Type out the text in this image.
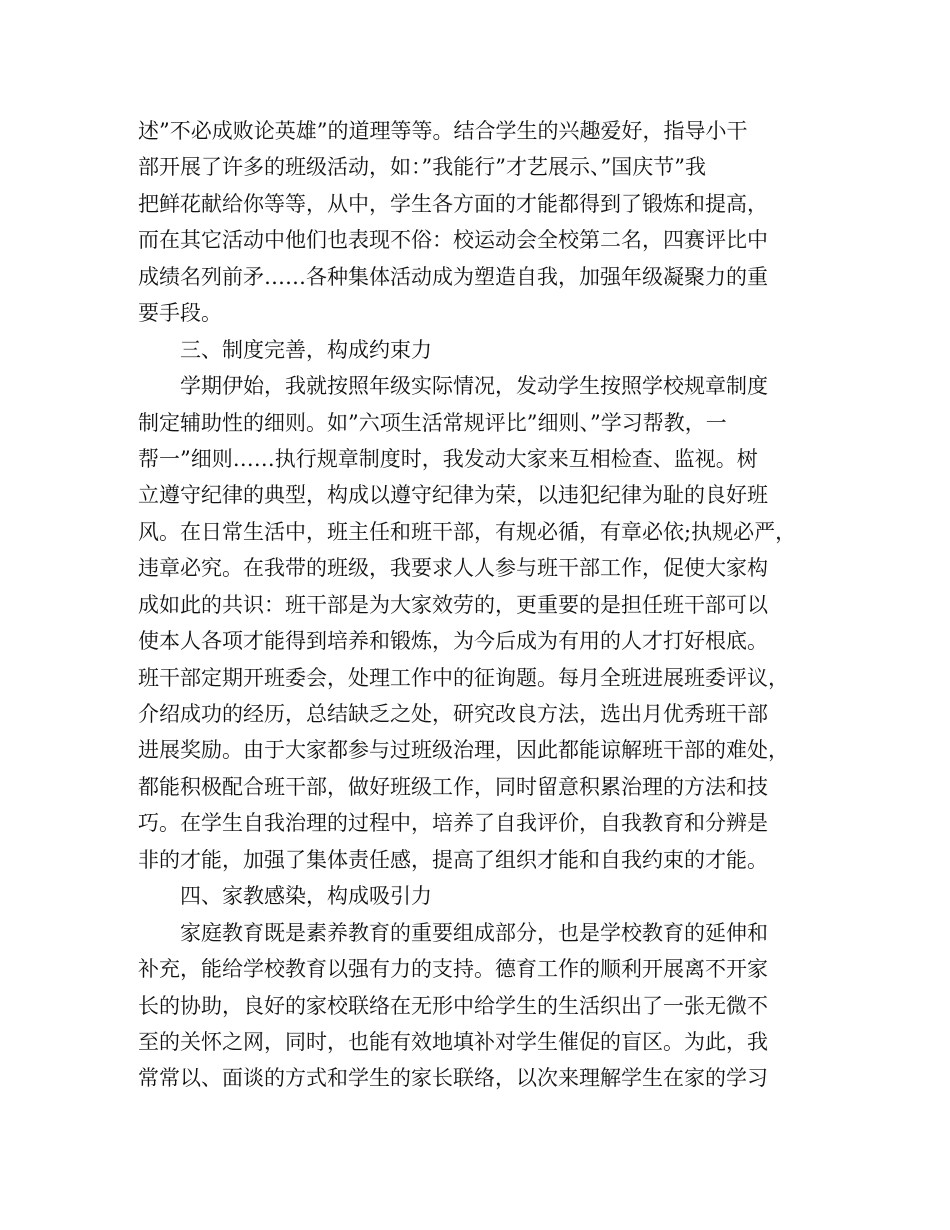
述”不必成败论英雄”的道理等等。结合学生的兴趣爱好，指导小干
部开展了许多的班级活动，如：”我能行”才艺展示、”国庆节”我
把鲜花献给你等等，从中，学生各方面的才能都得到了锻炼和提高，
而在其它活动中他们也表现不俗：校运动会全校第二名，四赛评比中
成绩名列前矛……各种集体活动成为塑造自我，加强年级凝聚力的重
要手段。
三、制度完善，构成约束力
学期伊始，我就按照年级实际情况，发动学生按照学校规章制度
制定辅助性的细则。如”六项生活常规评比”细则、”学习帮教，一
帮一”细则……执行规章制度时，我发动大家来互相检查、监视。树
立遵守纪律的典型，构成以遵守纪律为荣，以违犯纪律为耻的良好班
风。在日常生活中，班主任和班干部，有规必循，有章必依;执规必严，
违章必究。在我带的班级，我要求人人参与班干部工作，促使大家构
成如此的共识：班干部是为大家效劳的，更重要的是担任班干部可以
使本人各项才能得到培养和锻炼，为今后成为有用的人才打好根底。
班干部定期开班委会，处理工作中的征询题。每月全班进展班委评议，
介绍成功的经历，总结缺乏之处，研究改良方法，选出月优秀班干部
进展奖励。由于大家都参与过班级治理，因此都能谅解班干部的难处，
都能积极配合班干部，做好班级工作，同时留意积累治理的方法和技
巧。在学生自我治理的过程中，培养了自我评价，自我教育和分辨是
非的才能，加强了集体责任感，提高了组织才能和自我约束的才能。
四、家教感染，构成吸引力
家庭教育既是素养教育的重要组成部分，也是学校教育的延伸和
补充，能给学校教育以强有力的支持。德育工作的顺利开展离不开家
长的协助，良好的家校联络在无形中给学生的生活织出了一张无微不
至的关怀之网，同时，也能有效地填补对学生催促的盲区。为此，我
常常以、面谈的方式和学生的家长联络，以次来理解学生在家的学习
